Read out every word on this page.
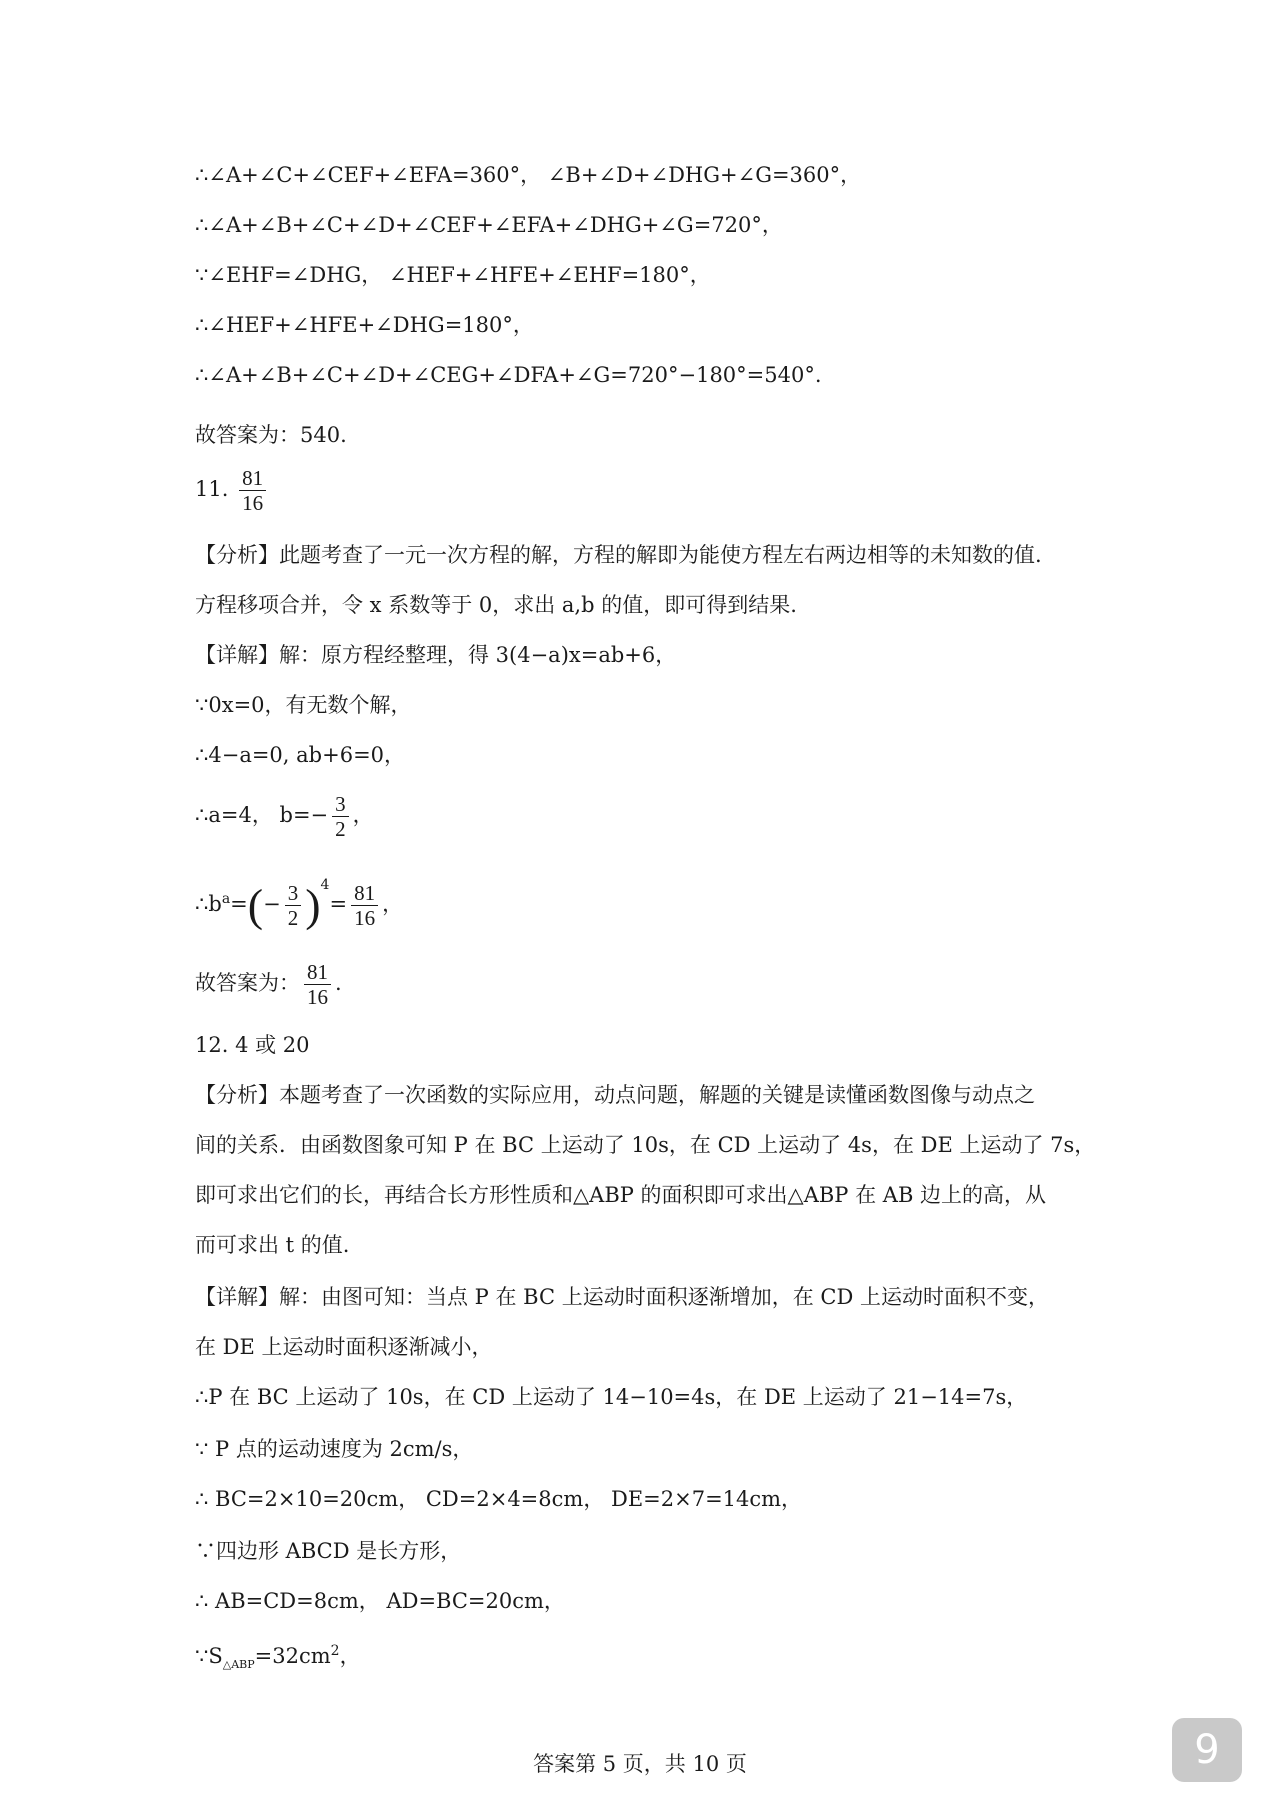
∴∠A+∠C+∠CEF+∠EFA=360°， ∠B+∠D+∠DHG+∠G=360°，
∴∠A+∠B+∠C+∠D+∠CEF+∠EFA+∠DHG+∠G=720°，
∵∠EHF=∠DHG， ∠HEF+∠HFE+∠EHF=180°，
∴∠HEF+∠HFE+∠DHG=180°，
∴∠A+∠B+∠C+∠D+∠CEG+∠DFA+∠G=720°−180°=540°.
故答案为：540.
11. $\frac{81}{16}$
【分析】此题考查了一元一次方程的解，方程的解即为能使方程左右两边相等的未知数的值.
方程移项合并，令 x 系数等于 0，求出 a,b 的值，即可得到结果.
【详解】解：原方程经整理，得 3(4−a)x=ab+6，
∵0x=0，有无数个解，
∴4−a=0, ab+6=0，
∴a=4， $b=- \frac{3}{2}$ ，
$\therefore b^a=(- \frac{3}{2} )^4= \frac{81}{16}$ ，
故答案为： $\frac{81}{16}$ .
12. 4 或 20
【分析】本题考查了一次函数的实际应用，动点问题，解题的关键是读懂函数图像与动点之
间的关系．由函数图象可知 P 在 BC 上运动了 10s，在 CD 上运动了 4s，在 DE 上运动了 7s，
即可求出它们的长，再结合长方形性质和△ABP 的面积即可求出△ABP 在 AB 边上的高，从
而可求出 t 的值.
【详解】解：由图可知：当点 P 在 BC 上运动时面积逐渐增加，在 CD 上运动时面积不变，
在 DE 上运动时面积逐渐减小，
∴P 在 BC 上运动了 10s，在 CD 上运动了 14−10=4s，在 DE 上运动了 21−14=7s，
∵ P 点的运动速度为 2cm/s，
∴ BC=2×10=20cm， CD=2×4=8cm， DE=2×7=14cm，
∵四边形 ABCD 是长方形，
∴ AB=CD=8cm， AD=BC=20cm，
$\because S_{\triangle ABP}=32cm^2$，
答案第 5 页，共 10 页	9
